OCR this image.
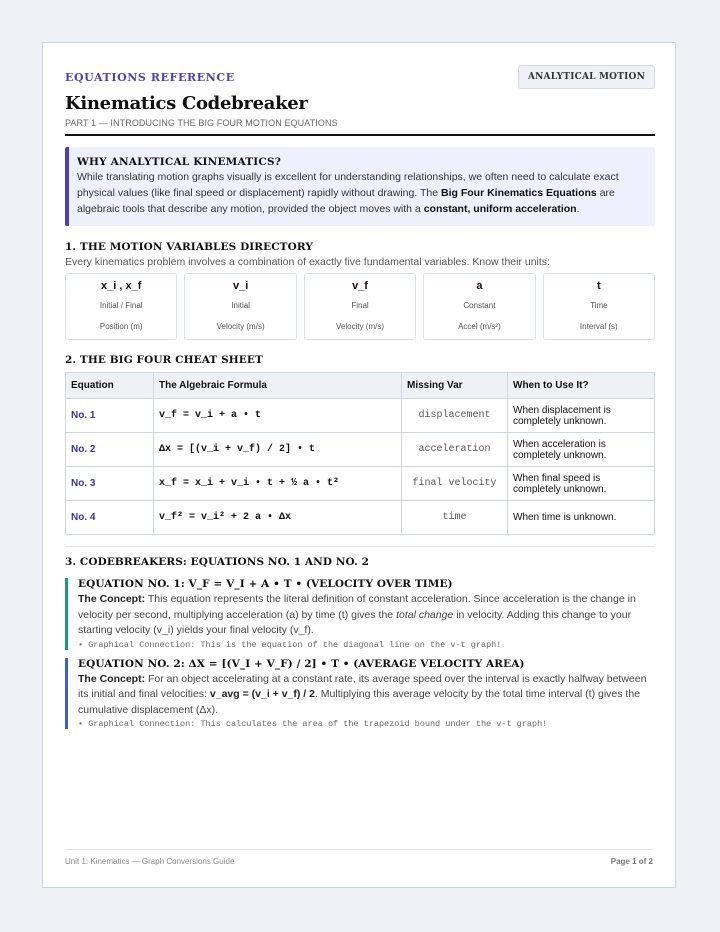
EQUATIONS REFERENCE	ANALYTICAL MOTION
Kinematics Codebreaker
PART 1 — INTRODUCING THE BIG FOUR MOTION EQUATIONS
WHY ANALYTICAL KINEMATICS?
While translating motion graphs visually is excellent for understanding relationships, we often need to calculate exact physical values (like final speed or displacement) rapidly without drawing. The Big Four Kinematics Equations are algebraic tools that describe any motion, provided the object moves with a constant, uniform acceleration.
1. THE MOTION VARIABLES DIRECTORY
Every kinematics problem involves a combination of exactly five fundamental variables. Know their units:
x_i , x_f
Initial / Final
Position (m)
v_i
Initial
Velocity (m/s)
v_f
Final
Velocity (m/s)
a
Constant
Accel (m/s²)
t
Time
Interval (s)
2. THE BIG FOUR CHEAT SHEET
Equation	The Algebraic Formula	Missing Var	When to Use It?
No. 1	v_f = v_i + a • t	displacement	When displacement is completely unknown.
No. 2	Δx = [(v_i + v_f) / 2] • t	acceleration	When acceleration is completely unknown.
No. 3	x_f = x_i + v_i • t + ½ a • t²	final velocity	When final speed is completely unknown.
No. 4	v_f² = v_i² + 2 a • Δx	time	When time is unknown.
3. CODEBREAKERS: EQUATIONS NO. 1 AND NO. 2
EQUATION NO. 1: V_F = V_I + A • T • (VELOCITY OVER TIME)
The Concept: This equation represents the literal definition of constant acceleration. Since acceleration is the change in velocity per second, multiplying acceleration (a) by time (t) gives the total change in velocity. Adding this change to your starting velocity (v_i) yields your final velocity (v_f).
• Graphical Connection: This is the equation of the diagonal line on the v-t graph!
EQUATION NO. 2: ΔX = [(V_I + V_F) / 2] • T • (AVERAGE VELOCITY AREA)
The Concept: For an object accelerating at a constant rate, its average speed over the interval is exactly halfway between its initial and final velocities: v_avg = (v_i + v_f) / 2. Multiplying this average velocity by the total time interval (t) gives the cumulative displacement (Δx).
• Graphical Connection: This calculates the area of the trapezoid bound under the v-t graph!
Unit 1: Kinematics — Graph Conversions Guide	Page 1 of 2
